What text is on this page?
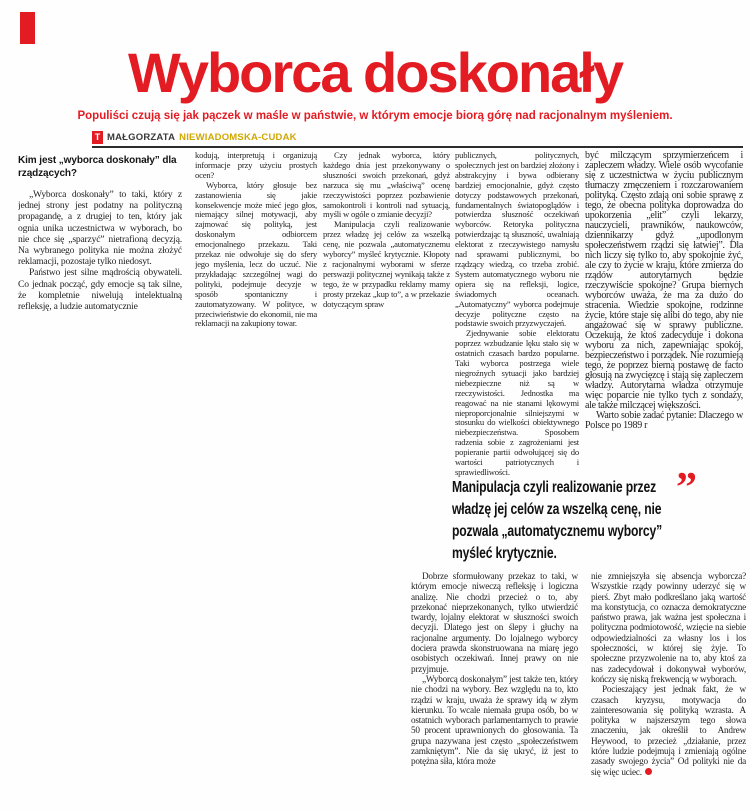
Wyborca doskonały

Populiści czują się jak pączek w maśle w państwie, w którym emocje biorą górę nad racjonalnym myśleniem.

T MAŁGORZATA NIEWIADOMSKA-CUDAK
Kim jest „wyborca doskonały” dla rządzących?

„Wyborca doskonały” to taki, który z jednej strony jest podatny na polityczną propagandę, a z drugiej to ten, który jak ognia unika uczestnictwa w wyborach, bo nie chce się „sparzyć” nietrafioną decyzją. Na wybranego polityka nie można złożyć reklamacji, pozostaje tylko niedosyt.

Państwo jest silne mądrością obywateli. Co jednak począć, gdy emocje są tak silne, że kompletnie niwelują intelektualną refleksję, a ludzie automatycznie

kodują, interpretują i organizują informacje przy użyciu prostych ocen?

Wyborca, który głosuje bez zastanowienia się jakie konsekwencje może mieć jego głos, niemający silnej motywacji, aby zajmować się polityką, jest doskonałym odbiorcem emocjonalnego przekazu. Taki przekaz nie odwołuje się do sfery jego myślenia, lecz do uczuć. Nie przykładając szczególnej wagi do polityki, podejmuje decyzje w sposób spontaniczny i zautomatyzowany. W polityce, w przeciwieństwie do ekonomii, nie ma reklamacji na zakupiony towar.

Czy jednak wyborca, który każdego dnia jest przekonywany o słuszności swoich przekonań, gdyż narzuca się mu „właściwą” ocenę rzeczywistości poprzez pozbawienie samokontroli i kontroli nad sytuacją, myśli w ogóle o zmianie decyzji?

Manipulacja czyli realizowanie przez władzę jej celów za wszelką cenę, nie pozwala „automatycznemu wyborcy” myśleć krytycznie. Kłopoty z racjonalnymi wyborami w sferze perswazji politycznej wynikają także z tego, że w przypadku reklamy mamy prosty przekaz „kup to”, a w przekazie dotyczącym spraw

publicznych, politycznych, społecznych jest on bardziej złożony i abstrakcyjny i bywa odbierany bardziej emocjonalnie, gdyż często dotyczy podstawowych przekonań, fundamentalnych światopoglądów i potwierdza słuszność oczekiwań wyborców. Retoryka polityczna potwierdzając tą słuszność, uwalniają elektorat z rzeczywistego namysłu nad sprawami publicznymi, bo rządzący wiedzą, co trzeba zrobić. System automatycznego wyboru nie opiera się na refleksji, logice, świadomych oceanach. „Automatyczny” wyborca podejmuje decyzje polityczne często na podstawie swoich przyzwyczajeń.

Zjednywanie sobie elektoratu poprzez wzbudzanie lęku stało się w ostatnich czasach bardzo popularne. Taki wyborca postrzega wiele niegroźnych sytuacji jako bardziej niebezpieczne niż są w rzeczywistości. Jednostka ma reagować na nie stanami lękowymi nieproporcjonalnie silniejszymi w stosunku do wielkości obiektywnego niebezpieczeństwa. Sposobem radzenia sobie z zagrożeniami jest popieranie partii odwołującej się do wartości patriotycznych i sprawiedliwości.

być milczącym sprzymierzeńcem i zapleczem władzy. Wiele osób wycofanie się z uczestnictwa w życiu publicznym tłumaczy zmęczeniem i rozczarowaniem polityką. Często zdają oni sobie sprawę z tego, że obecna polityka doprowadza do upokorzenia „elit” czyli lekarzy, nauczycieli, prawników, naukowców, dziennikarzy gdyż „upodlonym społeczeństwem rządzi się łatwiej”. Dla nich liczy się tylko to, aby spokojnie żyć, ale czy to życie w kraju, które zmierza do rządów autorytarnych będzie rzeczywiście spokojne? Grupa biernych wyborców uważa, że ma za dużo do stracenia. Wiedzie spokojne, rodzinne życie, które staje się alibi do tego, aby nie angażować się w sprawy publiczne. Oczekują, że ktoś zadecyduje i dokona wyboru za nich, zapewniając spokój, bezpieczeństwo i porządek. Nie rozumieją tego, że poprzez bierną postawę de facto głosują na zwycięzcę i stają się zapleczem władzy. Autorytarna władza otrzymuje więc poparcie nie tylko tych z sondaży, ale także milczącej większości.

Warto sobie zadać pytanie: Dlaczego w Polsce po 1989 r

Manipulacja czyli realizowanie przez władzę jej celów za wszelką cenę, nie pozwala „automatycznemu wyborcy” myśleć krytycznie.
”

Dobrze sformułowany przekaz to taki, w którym emocje niweczą refleksję i logiczna analizę. Nie chodzi przecież o to, aby przekonać nieprzekonanych, tylko utwierdzić twardy, lojalny elektorat w słuszności swoich decyzji. Dlatego jest on ślepy i głuchy na racjonalne argumenty. Do lojalnego wyborcy dociera prawda skonstruowana na miarę jego osobistych oczekiwań. Innej prawy on nie przyjmuje.

„Wyborcą doskonałym” jest także ten, który nie chodzi na wybory. Bez względu na to, kto rządzi w kraju, uważa że sprawy idą w złym kierunku. To wcale niemała grupa osób, bo w ostatnich wyborach parlamentarnych to prawie 50 procent uprawnionych do głosowania. Ta grupa nazywana jest często „społeczeństwem zamkniętym”. Nie da się ukryć, iż jest to potężna siła, która może

nie zmniejszyła się absencja wyborcza? Wszystkie rządy powinny uderzyć się w pierś. Zbyt mało podkreślano jaką wartość ma konstytucja, co oznacza demokratyczne państwo prawa, jak ważna jest społeczna i polityczna podmiotowość, wzięcie na siebie odpowiedzialności za własny los i los społeczności, w której się żyje. To społeczne przyzwolenie na to, aby ktoś za nas zadecydował i dokonywał wyborów, kończy się niską frekwencją w wyborach.

Pocieszający jest jednak fakt, że w czasach kryzysu, motywacja do zainteresowania się polityką wzrasta. A polityka w najszerszym tego słowa znaczeniu, jak określił to Andrew Heywood, to przecież „działanie, przez które ludzie podejmują i zmieniają ogólne zasady swojego życia” Od polityki nie da się więc uciec.
